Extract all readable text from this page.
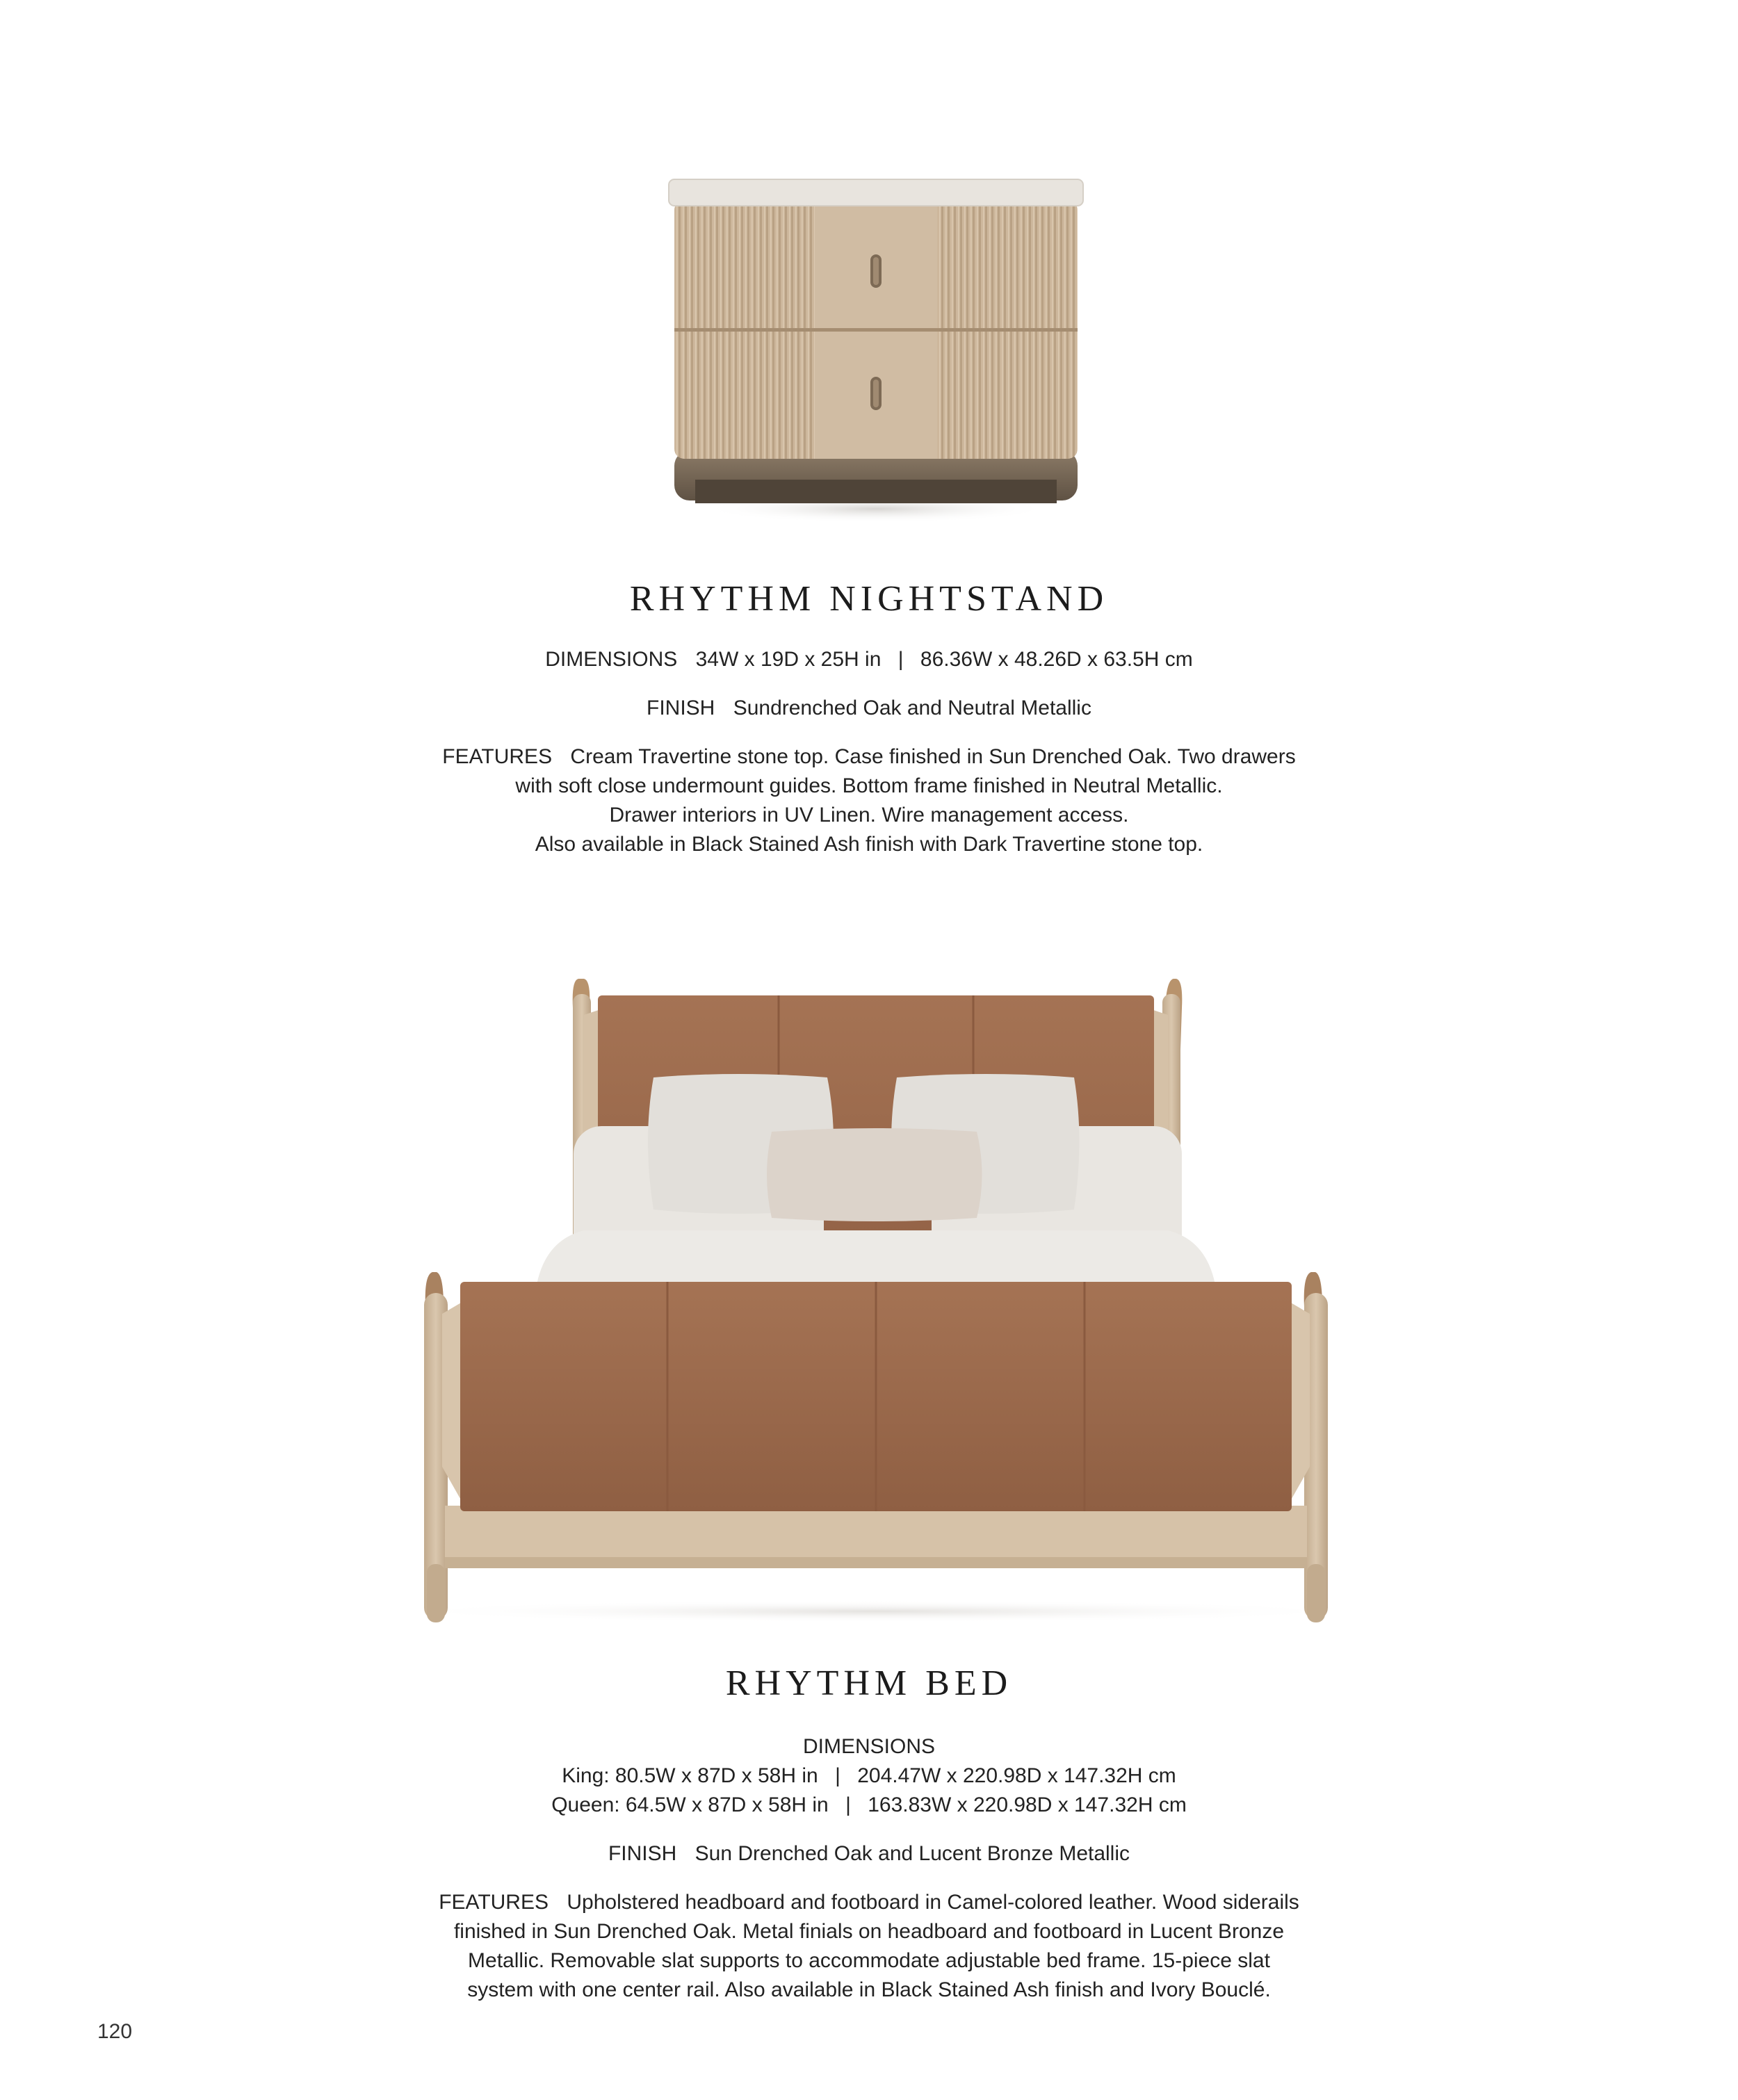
RHYTHM NIGHTSTAND

DIMENSIONS 34W x 19D x 25H in | 86.36W x 48.26D x 63.5H cm

FINISH Sundrenched Oak and Neutral Metallic

FEATURES Cream Travertine stone top. Case finished in Sun Drenched Oak. Two drawers

with soft close undermount guides. Bottom frame finished in Neutral Metallic.

Drawer interiors in UV Linen. Wire management access.

Also available in Black Stained Ash finish with Dark Travertine stone top.

RHYTHM BED

DIMENSIONS

King: 80.5W x 87D x 58H in | 204.47W x 220.98D x 147.32H cm

Queen: 64.5W x 87D x 58H in | 163.83W x 220.98D x 147.32H cm

FINISH Sun Drenched Oak and Lucent Bronze Metallic

FEATURES Upholstered headboard and footboard in Camel-colored leather. Wood siderails

finished in Sun Drenched Oak. Metal finials on headboard and footboard in Lucent Bronze

Metallic. Removable slat supports to accommodate adjustable bed frame. 15-piece slat

system with one center rail. Also available in Black Stained Ash finish and Ivory Bouclé.

120
